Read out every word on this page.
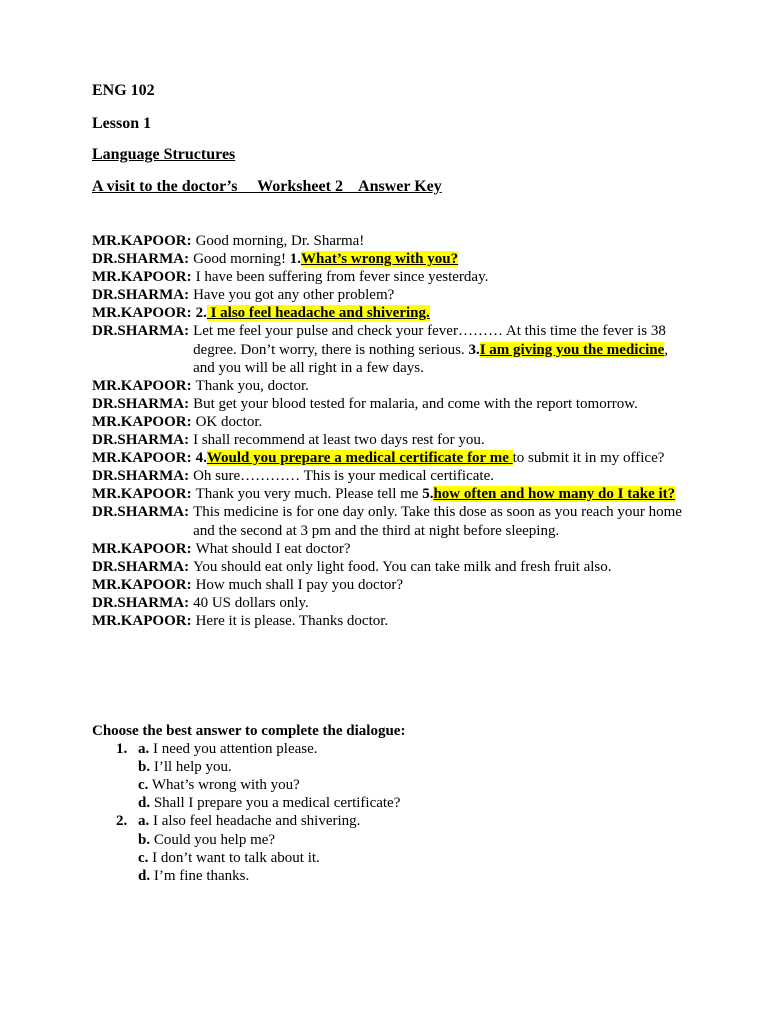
ENG 102
Lesson 1
Language Structures
A visit to the doctor’s     Worksheet 2    Answer Key
MR.KAPOOR: Good morning, Dr. Sharma!
DR.SHARMA: Good morning! 1.What’s wrong with you?
MR.KAPOOR: I have been suffering from fever since yesterday.
DR.SHARMA: Have you got any other problem?
MR.KAPOOR: 2. I also feel headache and shivering.
DR.SHARMA: Let me feel your pulse and check your fever……… At this time the fever is 38 degree. Don’t worry, there is nothing serious. 3.I am giving you the medicine, and you will be all right in a few days.
MR.KAPOOR: Thank you, doctor.
DR.SHARMA: But get your blood tested for malaria, and come with the report tomorrow.
MR.KAPOOR: OK doctor.
DR.SHARMA: I shall recommend at least two days rest for you.
MR.KAPOOR: 4.Would you prepare a medical certificate for me to submit it in my office?
DR.SHARMA: Oh sure………… This is your medical certificate.
MR.KAPOOR: Thank you very much. Please tell me 5.how often and how many do I take it?
DR.SHARMA: This medicine is for one day only. Take this dose as soon as you reach your home and the second at 3 pm and the third at night before sleeping.
MR.KAPOOR: What should I eat doctor?
DR.SHARMA: You should eat only light food. You can take milk and fresh fruit also.
MR.KAPOOR: How much shall I pay you doctor?
DR.SHARMA: 40 US dollars only.
MR.KAPOOR: Here it is please. Thanks doctor.
Choose the best answer to complete the dialogue:
1. a. I need you attention please.
b. I’ll help you.
c. What’s wrong with you?
d. Shall I prepare you a medical certificate?
2. a. I also feel headache and shivering.
b. Could you help me?
c. I don’t want to talk about it.
d. I’m fine thanks.
